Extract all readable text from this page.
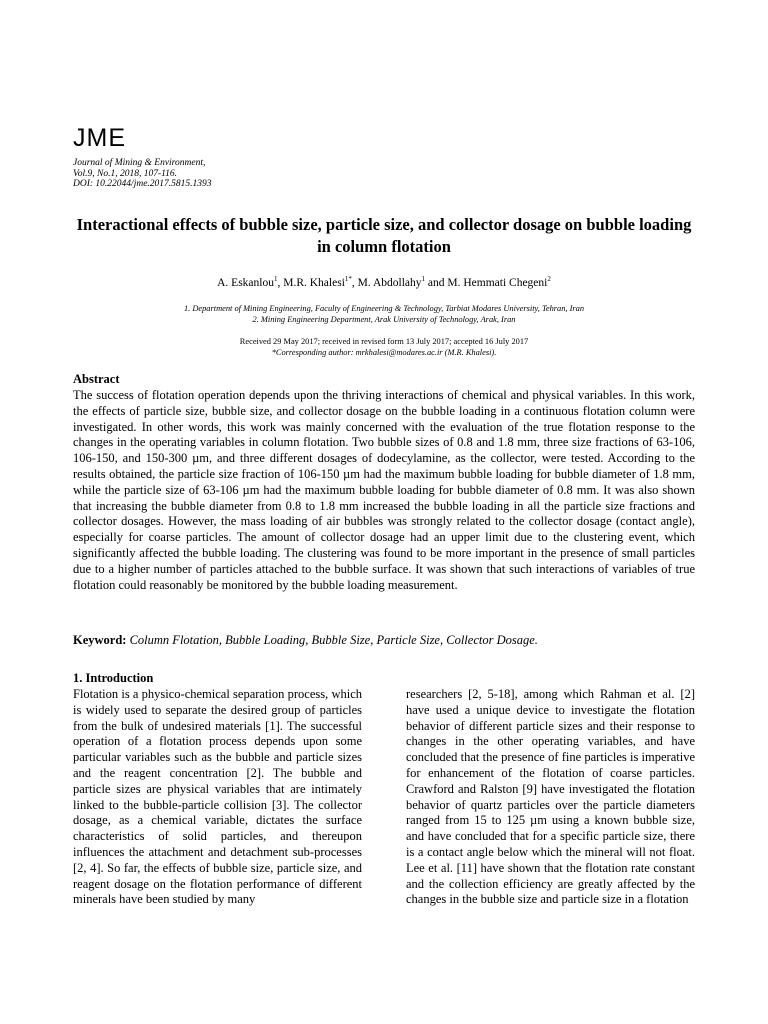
JME
Journal of Mining & Environment,
Vol.9, No.1, 2018, 107-116.
DOI: 10.22044/jme.2017.5815.1393
Interactional effects of bubble size, particle size, and collector dosage on bubble loading in column flotation
A. Eskanlou$^1$, M.R. Khalesi$^{1*}$, M. Abdollahy$^1$ and M. Hemmati Chegeni$^2$
1. Department of Mining Engineering, Faculty of Engineering & Technology, Tarbiat Modares University, Tehran, Iran
2. Mining Engineering Department, Arak University of Technology, Arak, Iran
Received 29 May 2017; received in revised form 13 July 2017; accepted 16 July 2017
*Corresponding author: mrkhalesi@modares.ac.ir (M.R. Khalesi).
Abstract
The success of flotation operation depends upon the thriving interactions of chemical and physical variables. In this work, the effects of particle size, bubble size, and collector dosage on the bubble loading in a continuous flotation column were investigated. In other words, this work was mainly concerned with the evaluation of the true flotation response to the changes in the operating variables in column flotation. Two bubble sizes of 0.8 and 1.8 mm, three size fractions of 63-106, 106-150, and 150-300 µm, and three different dosages of dodecylamine, as the collector, were tested. According to the results obtained, the particle size fraction of 106-150 µm had the maximum bubble loading for bubble diameter of 1.8 mm, while the particle size of 63-106 µm had the maximum bubble loading for bubble diameter of 0.8 mm. It was also shown that increasing the bubble diameter from 0.8 to 1.8 mm increased the bubble loading in all the particle size fractions and collector dosages. However, the mass loading of air bubbles was strongly related to the collector dosage (contact angle), especially for coarse particles. The amount of collector dosage had an upper limit due to the clustering event, which significantly affected the bubble loading. The clustering was found to be more important in the presence of small particles due to a higher number of particles attached to the bubble surface. It was shown that such interactions of variables of true flotation could reasonably be monitored by the bubble loading measurement.
Keyword: Column Flotation, Bubble Loading, Bubble Size, Particle Size, Collector Dosage.
1. Introduction
Flotation is a physico-chemical separation process, which is widely used to separate the desired group of particles from the bulk of undesired materials [1]. The successful operation of a flotation process depends upon some particular variables such as the bubble and particle sizes and the reagent concentration [2]. The bubble and particle sizes are physical variables that are intimately linked to the bubble-particle collision [3]. The collector dosage, as a chemical variable, dictates the surface characteristics of solid particles, and thereupon influences the attachment and detachment sub-processes [2, 4]. So far, the effects of bubble size, particle size, and reagent dosage on the flotation performance of different minerals have been studied by many
researchers [2, 5-18], among which Rahman et al. [2] have used a unique device to investigate the flotation behavior of different particle sizes and their response to changes in the other operating variables, and have concluded that the presence of fine particles is imperative for enhancement of the flotation of coarse particles. Crawford and Ralston [9] have investigated the flotation behavior of quartz particles over the particle diameters ranged from 15 to 125 µm using a known bubble size, and have concluded that for a specific particle size, there is a contact angle below which the mineral will not float. Lee et al. [11] have shown that the flotation rate constant and the collection efficiency are greatly affected by the changes in the bubble size and particle size in a flotation
